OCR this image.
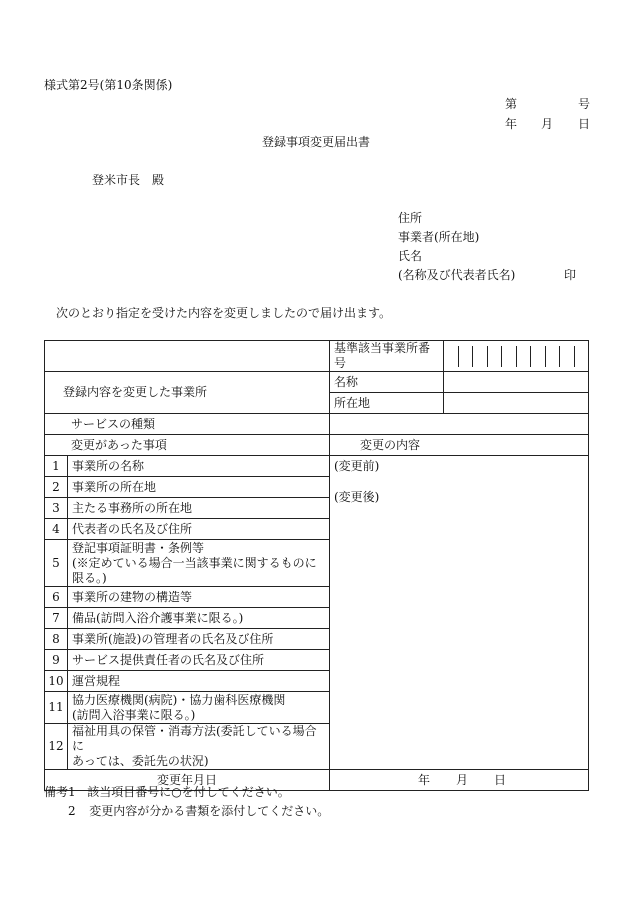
様式第2号(第10条関係)
第	号
年 月 日
登録事項変更届出書
登米市長　殿
住所
事業者(所在地)
氏名
(名称及び代表者氏名)	印
次のとおり指定を受けた内容を変更しましたので届け出ます。
		基準該当事業所番号	

登録内容を変更した事業所		名称	
		所在地	
サービスの種類			
変更があった事項		変更の内容	
1	事業所の名称	(変更前)
(変更後)	

2	事業所の所在地		
3	主たる事務所の所在地		
4	代表者の氏名及び住所		
5	登記事項証明書・条例等
(※定めている場合一当該事業に関するものに
限る。)		

6	事業所の建物の構造等		
7	備品(訪問入浴介護事業に限る。)		
8	事業所(施設)の管理者の氏名及び住所		
9	サービス提供責任者の氏名及び住所		
10	運営規程		
11	協力医療機関(病院)・協力歯科医療機関
(訪問入浴事業に限る。)		

12	福祉用具の保管・消毒方法(委託している場合に
あっては、委託先の状況)		

変更年月日		年 月 日	
備考1 該当項目番号に○を付してください。
2 変更内容が分かる書類を添付してください。
